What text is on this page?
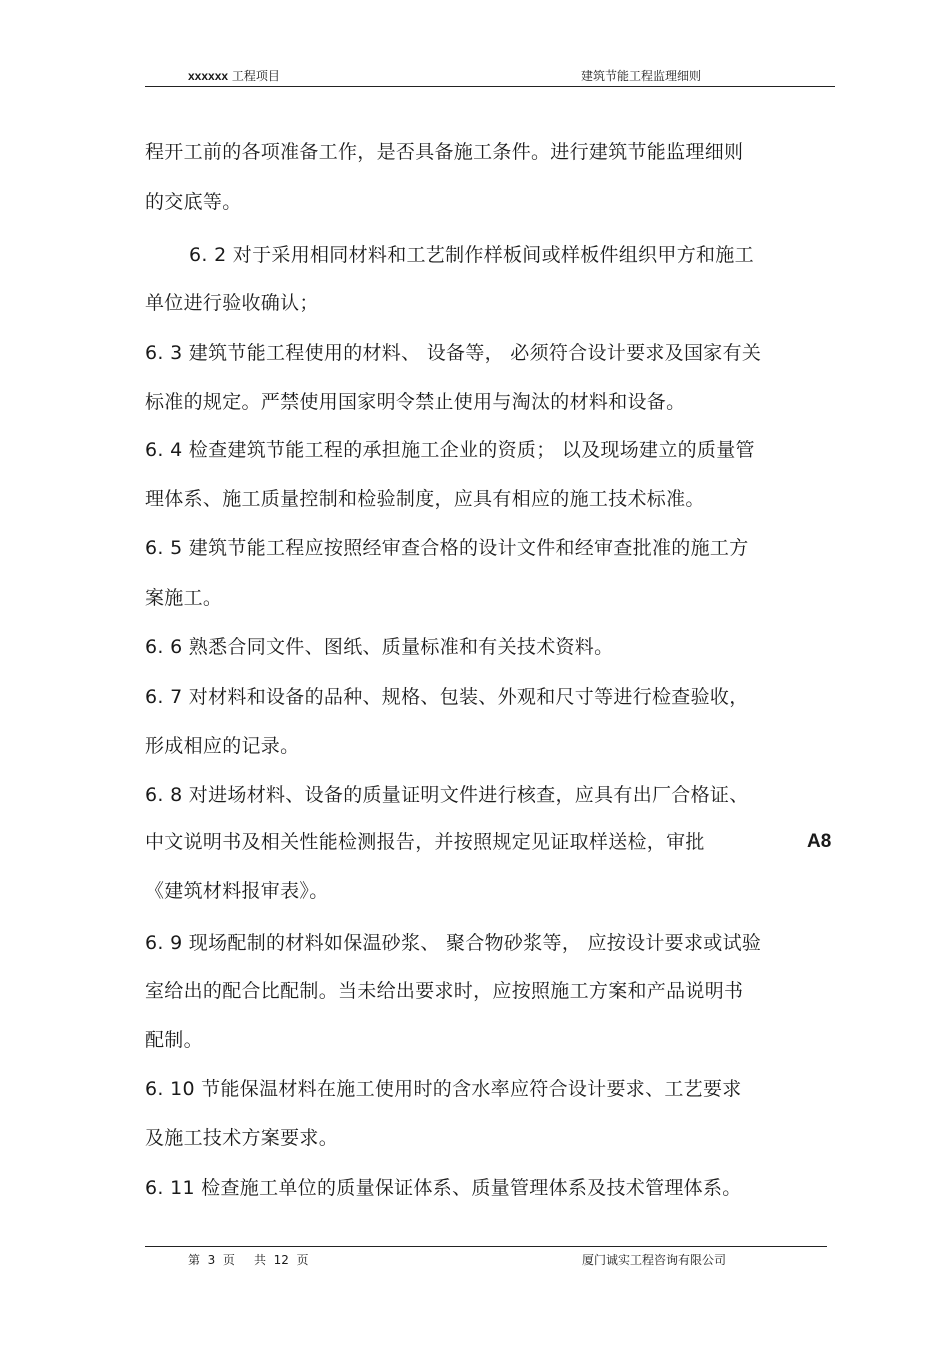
xxxxxx 工程项目	建筑节能工程监理细则
程开工前的各项准备工作，是否具备施工条件。进行建筑节能监理细则
的交底等。
6. 2 对于采用相同材料和工艺制作样板间或样板件组织甲方和施工
单位进行验收确认；
6. 3 建筑节能工程使用的材料、 设备等， 必须符合设计要求及国家有关
标准的规定。严禁使用国家明令禁止使用与淘汰的材料和设备。
6. 4 检查建筑节能工程的承担施工企业的资质； 以及现场建立的质量管
理体系、施工质量控制和检验制度，应具有相应的施工技术标准。
6. 5 建筑节能工程应按照经审查合格的设计文件和经审查批准的施工方
案施工。
6. 6 熟悉合同文件、图纸、质量标准和有关技术资料。
6. 7 对材料和设备的品种、规格、包装、外观和尺寸等进行检查验收，
形成相应的记录。
6. 8 对进场材料、设备的质量证明文件进行核查，应具有出厂合格证、
中文说明书及相关性能检测报告，并按照规定见证取样送检，审批	A8
《建筑材料报审表》。
6. 9 现场配制的材料如保温砂浆、 聚合物砂浆等， 应按设计要求或试验
室给出的配合比配制。当未给出要求时，应按照施工方案和产品说明书
配制。
6. 10 节能保温材料在施工使用时的含水率应符合设计要求、工艺要求
及施工技术方案要求。
6. 11 检查施工单位的质量保证体系、质量管理体系及技术管理体系。
第  3  页     共  12  页	厦门诚实工程咨询有限公司
